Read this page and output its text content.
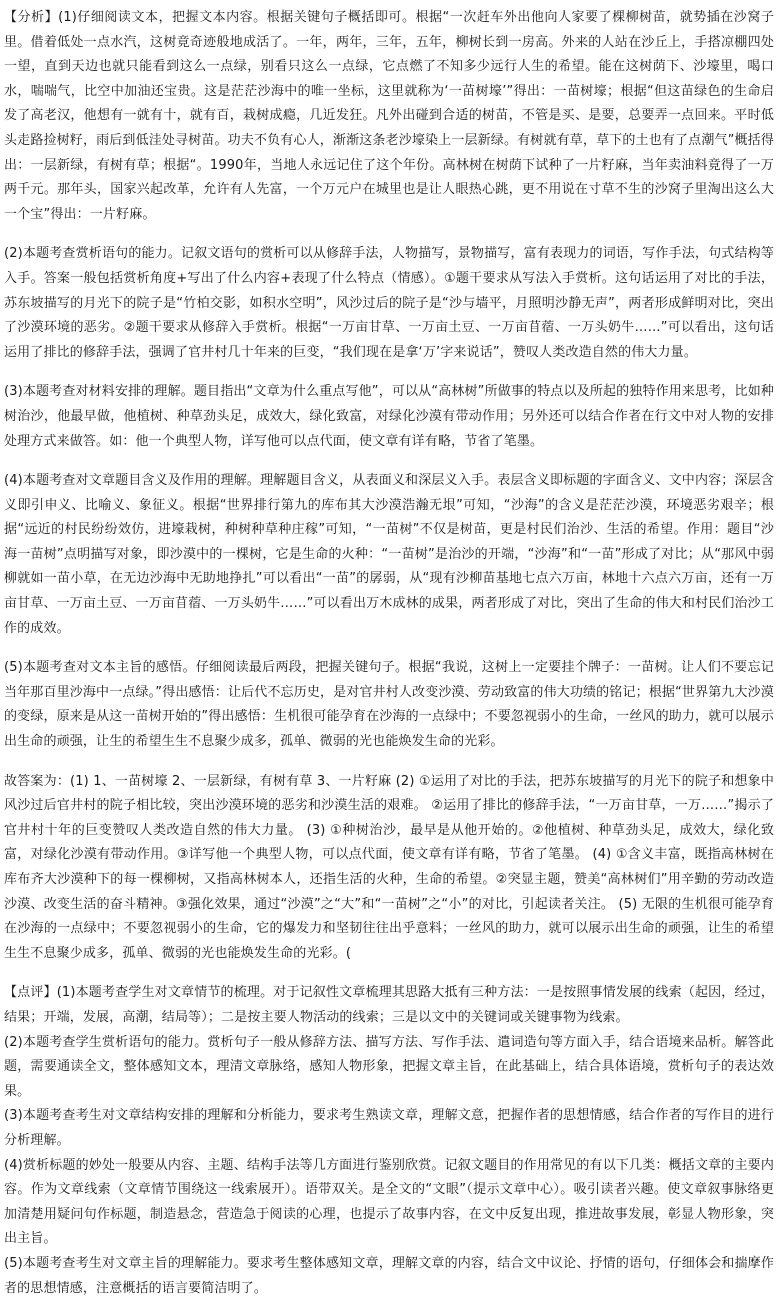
【分析】(1)仔细阅读文本，把握文本内容。根据关键句子概括即可。根据“一次赶车外出他向人家要了棵柳树苗，就势插在沙窝子里。借着低处一点水汽，这树竟奇迹般地成活了。一年，两年，三年，五年，柳树长到一房高。外来的人站在沙丘上，手搭凉棚四处一望，直到天边也就只能看到这么一点绿，别看只这么一点绿，它点燃了不知多少远行人生的希望。能在这树荫下、沙壕里，喝口水，喘喘气，比空中加油还宝贵。这是茫茫沙海中的唯一坐标，这里就称为‘一苗树壕’”得出：一苗树壕；根据“但这苗绿色的生命启发了高老汉，他想有一就有十，就有百，栽树成瘾，几近发狂。凡外出碰到合适的树苗，不管是买、是要，总要弄一点回来。平时低头走路捡树籽，雨后到低洼处寻树苗。功夫不负有心人，渐渐这条老沙壕染上一层新绿。有树就有草，草下的土也有了点潮气”概括得出：一层新绿，有树有草；根据“。1990年，当地人永远记住了这个年份。高林树在树荫下试种了一片籽麻，当年卖油料竟得了一万两千元。那年头，国家兴起改革，允许有人先富，一个万元户在城里也是让人眼热心跳，更不用说在寸草不生的沙窝子里淘出这么大一个宝”得出：一片籽麻。

(2)本题考查赏析语句的能力。记叙文语句的赏析可以从修辞手法，人物描写，景物描写，富有表现力的词语，写作手法，句式结构等入手。答案一般包括赏析角度+写出了什么内容+表现了什么特点（情感）。①题干要求从写法入手赏析。这句话运用了对比的手法，苏东坡描写的月光下的院子是“竹柏交影，如积水空明”，风沙过后的院子是“沙与墙平，月照明沙静无声”，两者形成鲜明对比，突出了沙漠环境的恶劣。②题干要求从修辞入手赏析。根据“一万亩甘草、一万亩土豆、一万亩苜蓿、一万头奶牛……”可以看出，这句话运用了排比的修辞手法，强调了官井村几十年来的巨变，“我们现在是拿‘万’字来说话”，赞叹人类改造自然的伟大力量。

(3)本题考查对材料安排的理解。题目指出“文章为什么重点写他”，可以从“高林树”所做事的特点以及所起的独特作用来思考，比如种树治沙，他最早做，他植树、种草劲头足，成效大，绿化致富，对绿化沙漠有带动作用；另外还可以结合作者在行文中对人物的安排处理方式来做答。如：他一个典型人物，详写他可以点代面，使文章有详有略，节省了笔墨。

(4)本题考查对文章题目含义及作用的理解。理解题目含义，从表面义和深层义入手。表层含义即标题的字面含义、文中内容；深层含义即引申义、比喻义、象征义。根据“世界排行第九的库布其大沙漠浩瀚无垠”可知，“沙海”的含义是茫茫沙漠，环境恶劣艰辛；根据“远近的村民纷纷效仿，进壕栽树，种树种草种庄稼”可知，“一苗树”不仅是树苗，更是村民们治沙、生活的希望。作用：题目“沙海一苗树”点明描写对象，即沙漠中的一棵树，它是生命的火种：“一苗树”是治沙的开端，“沙海”和“一苗”形成了对比；从“那风中弱柳就如一苗小草，在无边沙海中无助地挣扎”可以看出“一苗”的孱弱，从“现有沙柳苗基地七点六万亩，林地十六点六万亩，还有一万亩甘草、一万亩土豆、一万亩苜蓿、一万头奶牛……”可以看出万木成林的成果，两者形成了对比，突出了生命的伟大和村民们治沙工作的成效。

(5)本题考查对文本主旨的感悟。仔细阅读最后两段，把握关键句子。根据“我说，这树上一定要挂个牌子：一苗树。让人们不要忘记当年那百里沙海中一点绿。”得出感悟：让后代不忘历史，是对官井村人改变沙漠、劳动致富的伟大功绩的铭记；根据“世界第九大沙漠的变绿，原来是从这一苗树开始的”得出感悟：生机很可能孕育在沙海的一点绿中；不要忽视弱小的生命，一丝风的助力，就可以展示出生命的顽强，让生的希望生生不息聚少成多，孤单、微弱的光也能焕发生命的光彩。

故答案为：(1) 1、一苗树壕 2、一层新绿，有树有草 3、一片籽麻 (2) ①运用了对比的手法，把苏东坡描写的月光下的院子和想象中风沙过后官井村的院子相比较，突出沙漠环境的恶劣和沙漠生活的艰难。 ②运用了排比的修辞手法，“一万亩甘草，一万……”揭示了官井村十年的巨变赞叹人类改造自然的伟大力量。 (3) ①种树治沙，最早是从他开始的。②他植树、种草劲头足，成效大，绿化致富，对绿化沙漠有带动作用。③详写他一个典型人物，可以点代面，使文章有详有略，节省了笔墨。 (4) ①含义丰富，既指高林树在库布齐大沙漠种下的每一棵柳树，又指高林树本人，还指生活的火种，生命的希望。②突显主题，赞美“高林树们”用辛勤的劳动改造沙漠、改变生活的奋斗精神。③强化效果，通过“沙漠”之“大”和“一苗树”之“小”的对比，引起读者关注。 (5) 无限的生机很可能孕育在沙海的一点绿中；不要忽视弱小的生命，它的爆发力和坚韧往往出乎意料；一丝风的助力，就可以展示出生命的顽强，让生的希望生生不息聚少成多，孤单、微弱的光也能焕发生命的光彩。(

【点评】(1)本题考查学生对文章情节的梳理。对于记叙性文章梳理其思路大抵有三种方法：一是按照事情发展的线索（起因，经过，结果；开端，发展，高潮，结局等）；二是按主要人物活动的线索；三是以文中的关键词或关键事物为线索。

(2)本题考查学生赏析语句的能力。赏析句子一般从修辞方法、描写方法、写作手法、遣词造句等方面入手，结合语境来品析。解答此题，需要通读全文，整体感知文本，理清文章脉络，感知人物形象，把握文章主旨，在此基础上，结合具体语境，赏析句子的表达效果。

(3)本题考查考生对文章结构安排的理解和分析能力，要求考生熟读文章，理解文意，把握作者的思想情感，结合作者的写作目的进行分析理解。

(4)赏析标题的妙处一般要从内容、主题、结构手法等几方面进行鉴别欣赏。记叙文题目的作用常见的有以下几类：概括文章的主要内容。作为文章线索（文章情节围绕这一线索展开）。语带双关。是全文的“文眼”（提示文章中心）。吸引读者兴趣。使文章叙事脉络更加清楚用疑问句作标题，制造悬念，营造急于阅读的心理，也提示了故事内容，在文中反复出现，推进故事发展，彰显人物形象，突出主旨。

(5)本题考查考生对文章主旨的理解能力。要求考生整体感知文章，理解文章的内容，结合文中议论、抒情的语句，仔细体会和揣摩作者的思想情感，注意概括的语言要简洁明了。
